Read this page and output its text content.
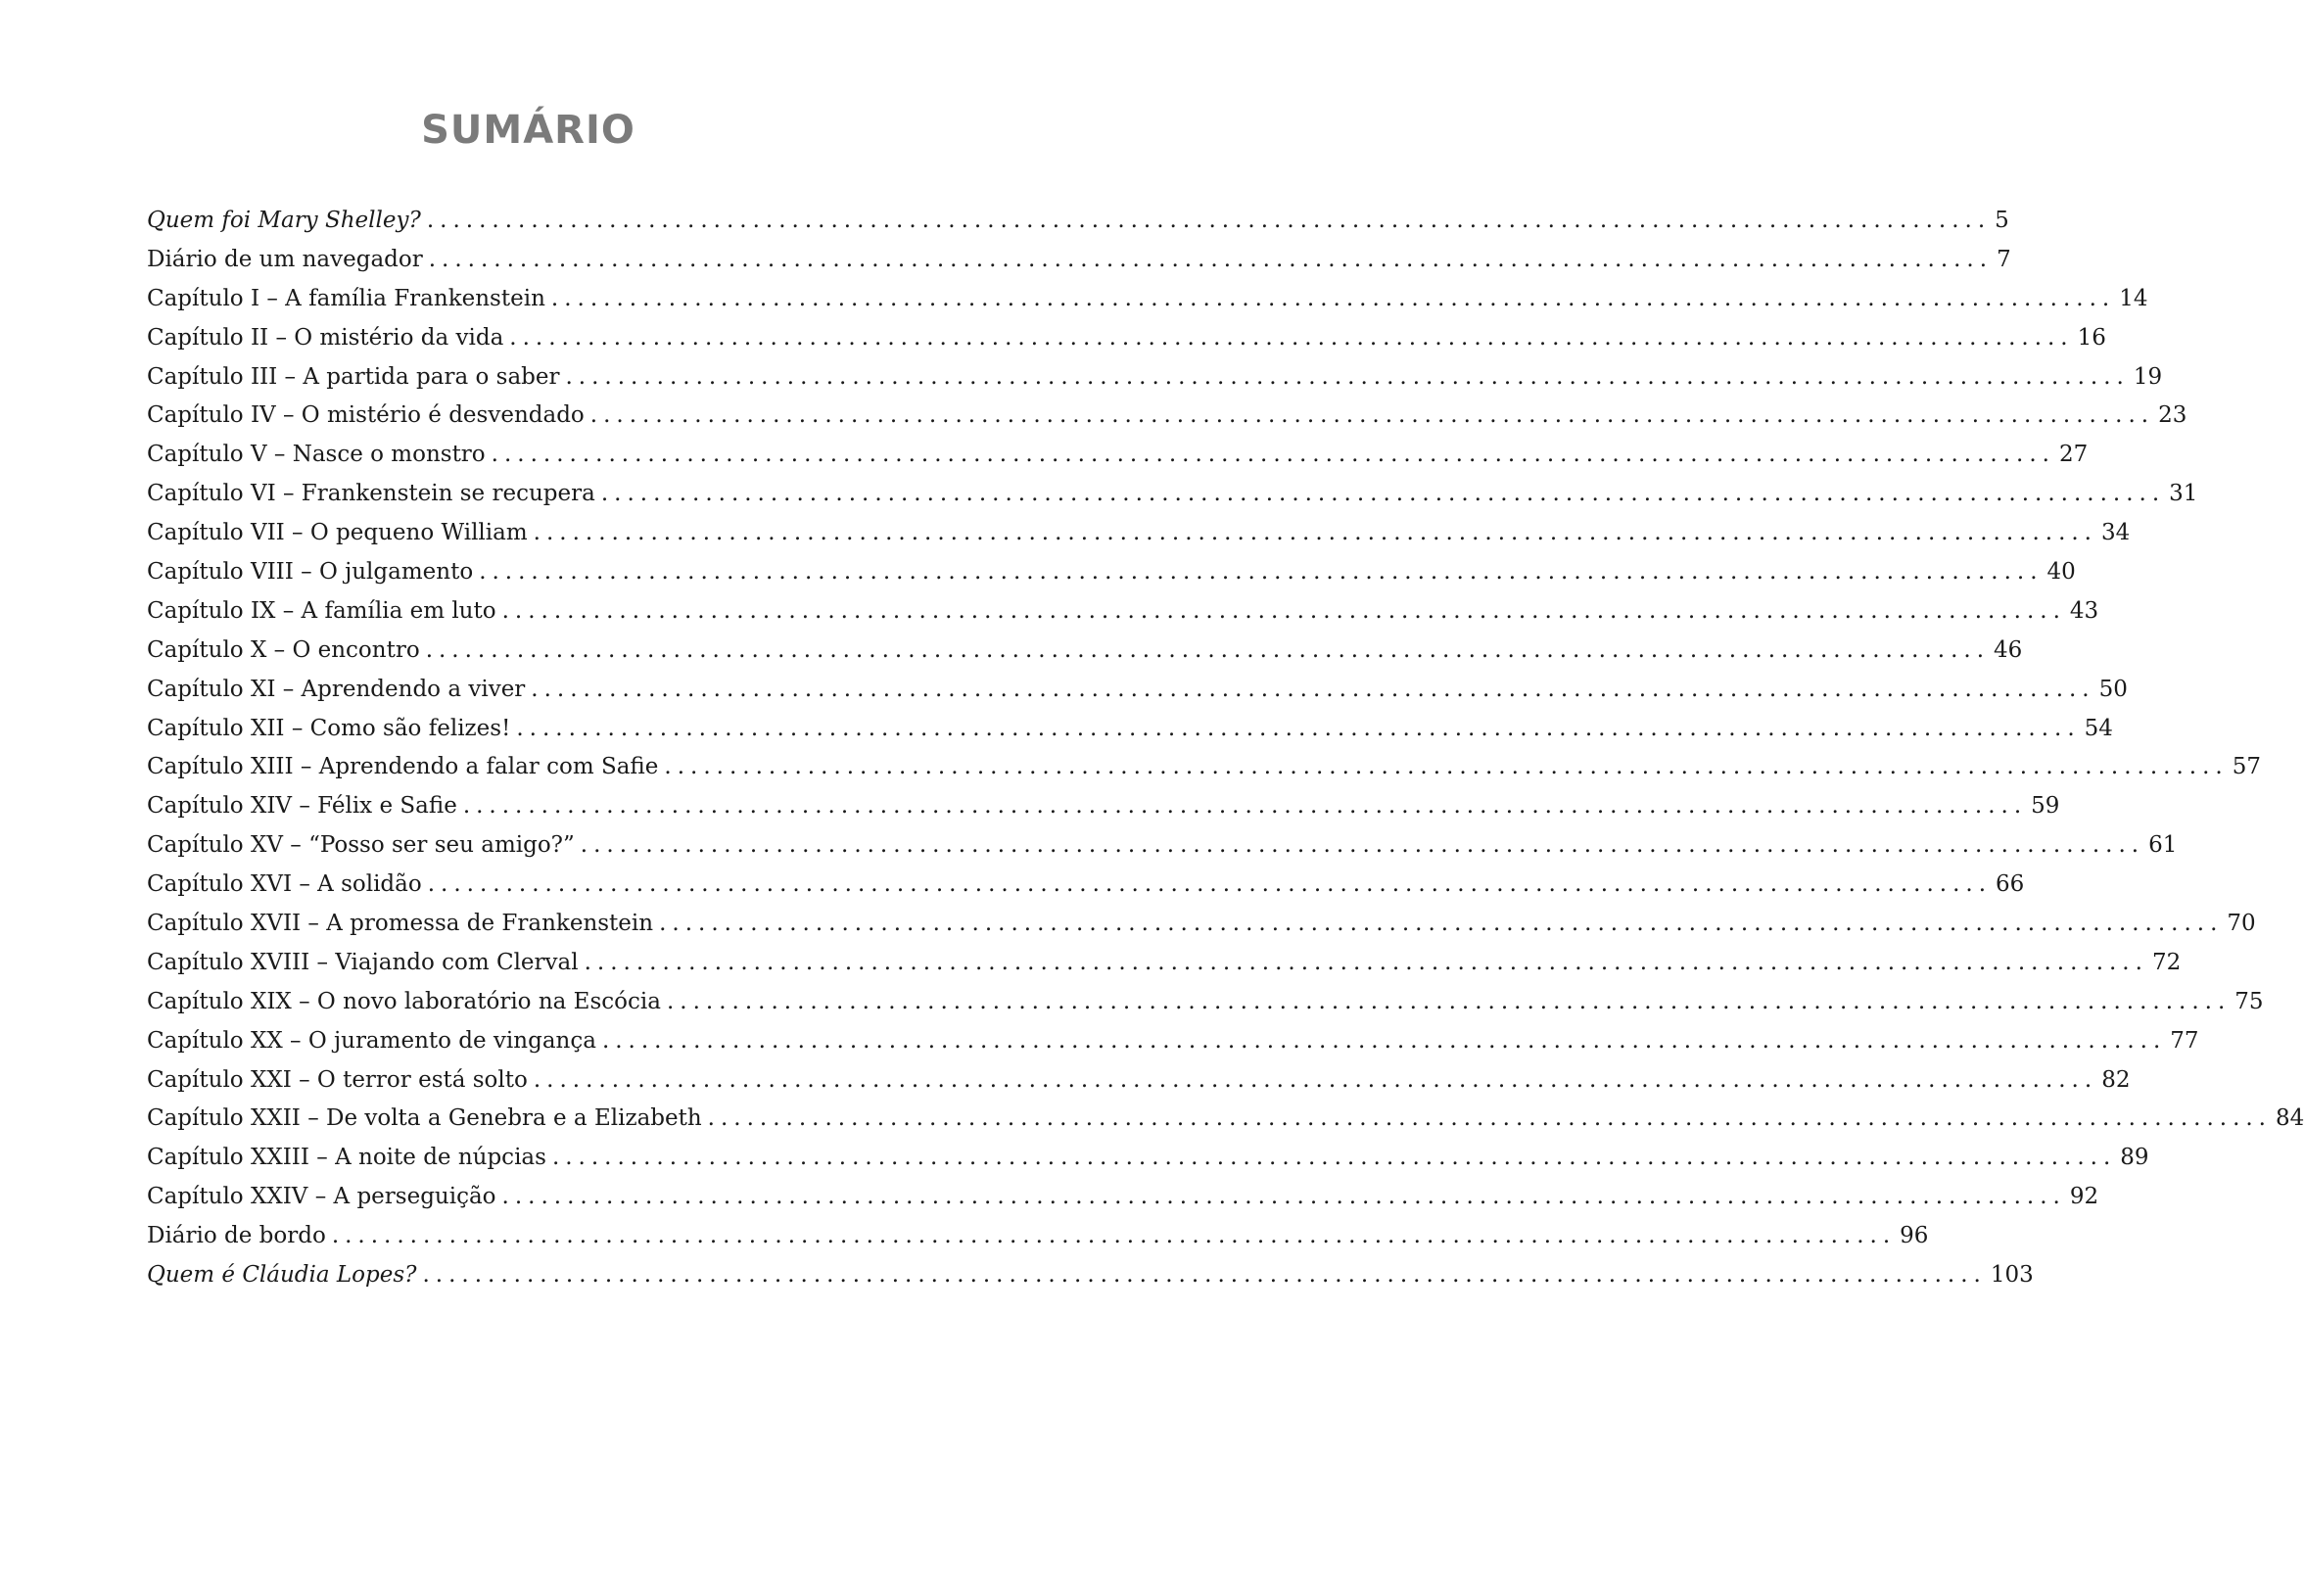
SUMÁRIO
Quem foi Mary Shelley? ........................................................................................................................ 5
Diário de um navegador ........................................................................................................................ 7
Capítulo I – A família Frankenstein ........................................................................................................................ 14
Capítulo II – O mistério da vida ........................................................................................................................ 16
Capítulo III – A partida para o saber ........................................................................................................................ 19
Capítulo IV – O mistério é desvendado ........................................................................................................................ 23
Capítulo V – Nasce o monstro ........................................................................................................................ 27
Capítulo VI – Frankenstein se recupera ........................................................................................................................ 31
Capítulo VII – O pequeno William ........................................................................................................................ 34
Capítulo VIII – O julgamento ........................................................................................................................ 40
Capítulo IX – A família em luto ........................................................................................................................ 43
Capítulo X – O encontro ........................................................................................................................ 46
Capítulo XI – Aprendendo a viver ........................................................................................................................ 50
Capítulo XII – Como são felizes! ........................................................................................................................ 54
Capítulo XIII – Aprendendo a falar com Safie ........................................................................................................................ 57
Capítulo XIV – Félix e Safie ........................................................................................................................ 59
Capítulo XV – “Posso ser seu amigo?” ........................................................................................................................ 61
Capítulo XVI – A solidão ........................................................................................................................ 66
Capítulo XVII – A promessa de Frankenstein ........................................................................................................................ 70
Capítulo XVIII – Viajando com Clerval ........................................................................................................................ 72
Capítulo XIX – O novo laboratório na Escócia ........................................................................................................................ 75
Capítulo XX – O juramento de vingança ........................................................................................................................ 77
Capítulo XXI – O terror está solto ........................................................................................................................ 82
Capítulo XXII – De volta a Genebra e a Elizabeth ........................................................................................................................ 84
Capítulo XXIII – A noite de núpcias ........................................................................................................................ 89
Capítulo XXIV – A perseguição ........................................................................................................................ 92
Diário de bordo ........................................................................................................................ 96
Quem é Cláudia Lopes? ........................................................................................................................ 103
